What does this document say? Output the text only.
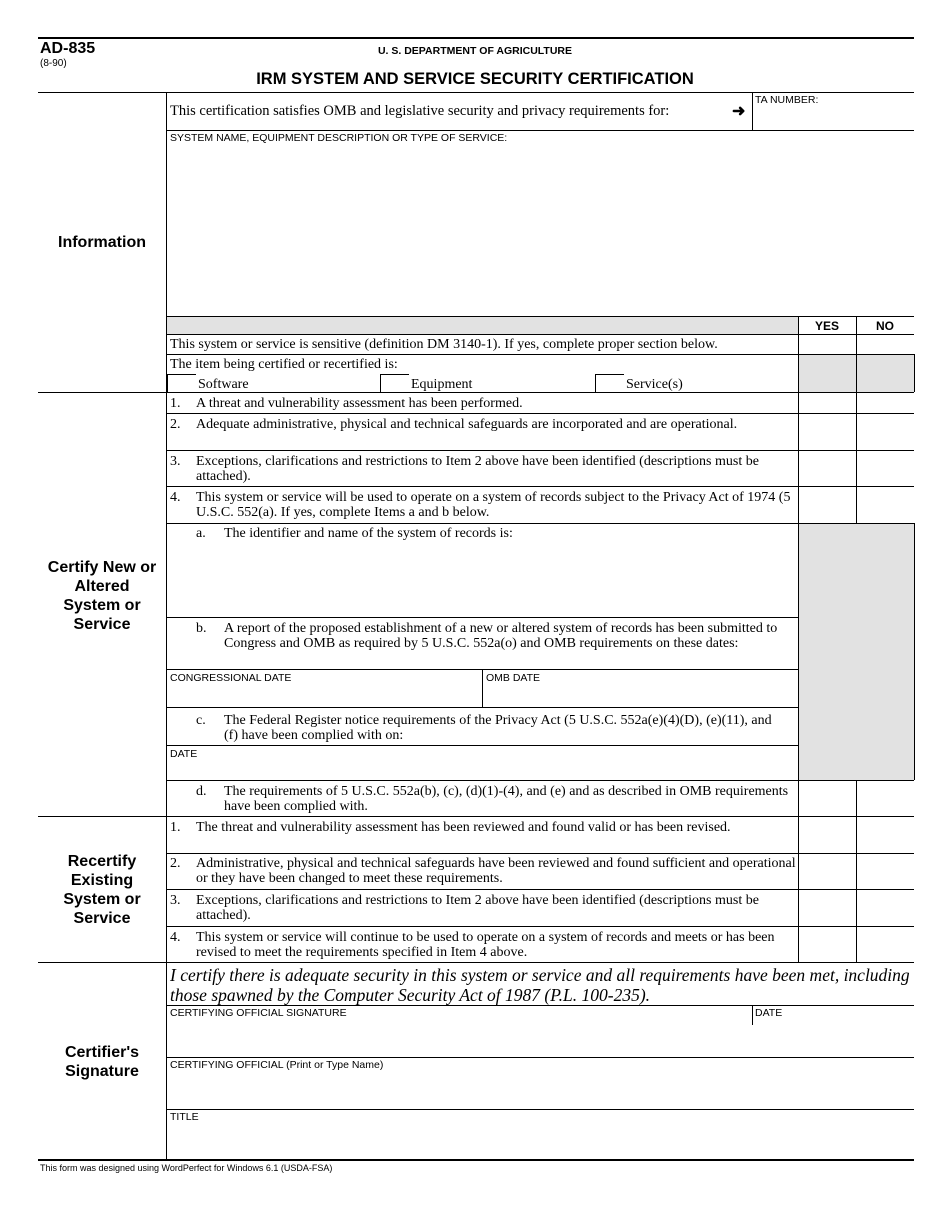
AD-835
(8-90)
U. S. DEPARTMENT OF AGRICULTURE
IRM SYSTEM AND SERVICE SECURITY CERTIFICATION
Information
Certify New or Altered System or Service
Recertify Existing System or Service
Certifier's Signature
This certification satisfies OMB and legislative security and privacy requirements for:	➜
TA NUMBER:
SYSTEM NAME, EQUIPMENT DESCRIPTION OR TYPE OF SERVICE:
YES	NO
This system or service is sensitive (definition DM 3140-1). If yes, complete proper section below.
The item being certified or recertified is:
Software	Equipment	Service(s)
1. A threat and vulnerability assessment has been performed.
2. Adequate administrative, physical and technical safeguards are incorporated and are operational.
3. Exceptions, clarifications and restrictions to Item 2 above have been identified (descriptions must be attached).
4. This system or service will be used to operate on a system of records subject to the Privacy Act of 1974 (5 U.S.C. 552(a). If yes, complete Items a and b below.
a. The identifier and name of the system of records is:
b. A report of the proposed establishment of a new or altered system of records has been submitted to Congress and OMB as required by 5 U.S.C. 552a(o) and OMB requirements on these dates:
CONGRESSIONAL DATE	OMB DATE
c. The Federal Register notice requirements of the Privacy Act (5 U.S.C. 552a(e)(4)(D), (e)(11), and (f) have been complied with on:
DATE
d. The requirements of 5 U.S.C. 552a(b), (c), (d)(1)-(4), and (e) and as described in OMB requirements have been complied with.
1. The threat and vulnerability assessment has been reviewed and found valid or has been revised.
2. Administrative, physical and technical safeguards have been reviewed and found sufficient and operational or they have been changed to meet these requirements.
3. Exceptions, clarifications and restrictions to Item 2 above have been identified (descriptions must be attached).
4. This system or service will continue to be used to operate on a system of records and meets or has been revised to meet the requirements specified in Item 4 above.
I certify there is adequate security in this system or service and all requirements have been met, including those spawned by the Computer Security Act of 1987 (P.L. 100-235).
CERTIFYING OFFICIAL SIGNATURE	DATE
CERTIFYING OFFICIAL (Print or Type Name)
TITLE
This form was designed using WordPerfect for Windows 6.1 (USDA-FSA)
